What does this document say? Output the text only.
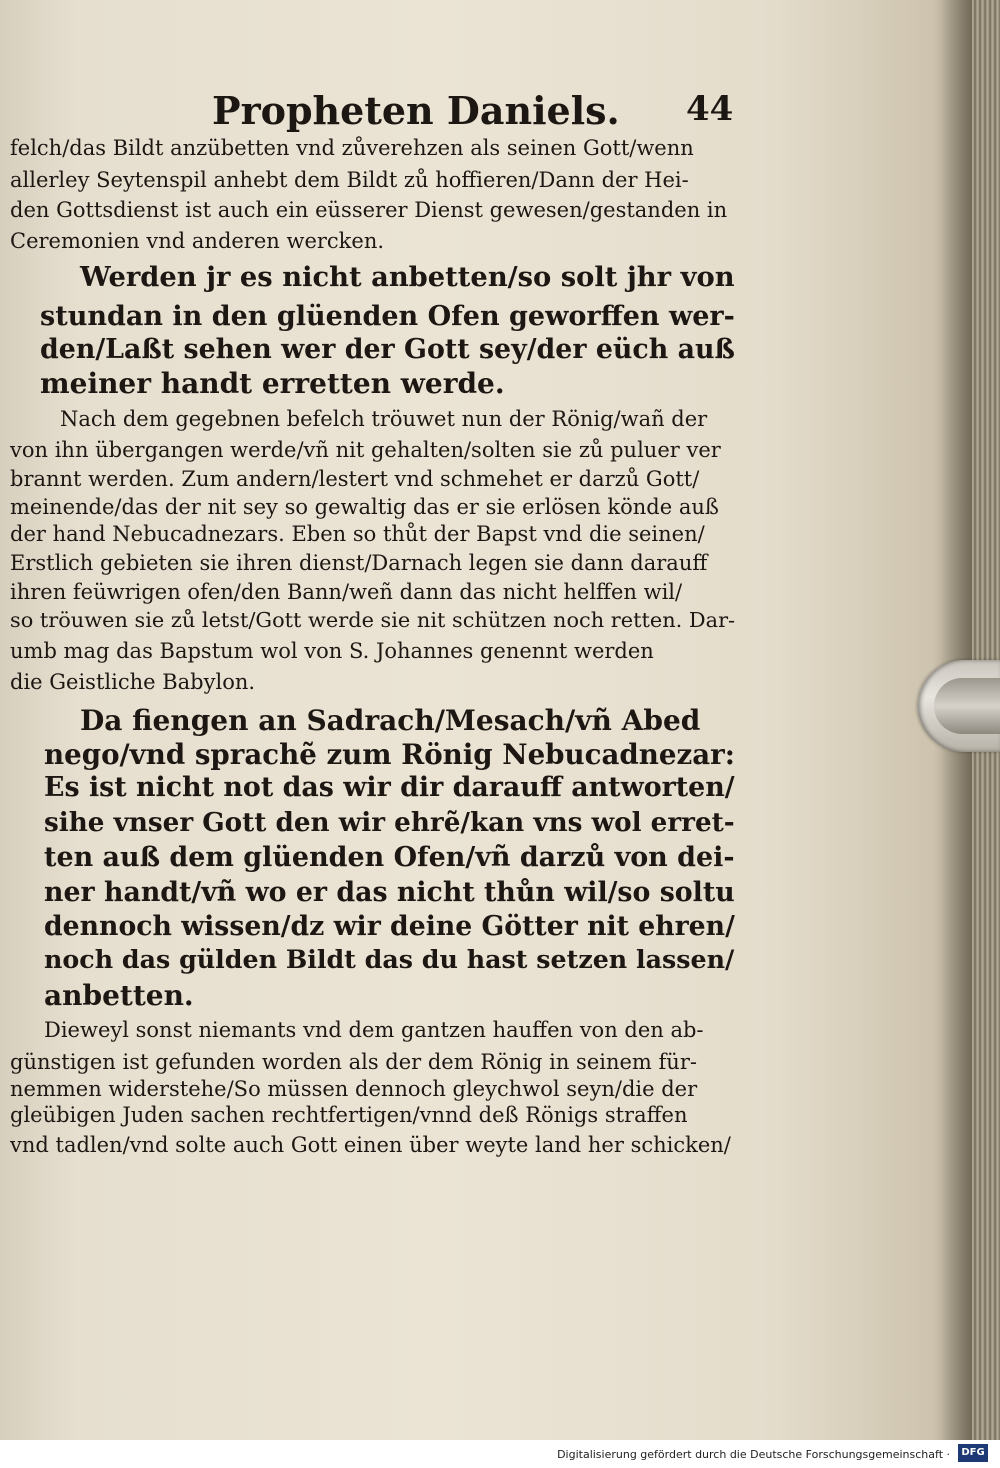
Propheten Daniels. 44
felch/das Bildt anzübetten vnd zůverehzen als seinen Gott/wenn
allerley Seytenspil anhebt dem Bildt zů hoffieren/Dann der Hei-
den Gottsdienst ist auch ein eüsserer Dienst gewesen/gestanden in
Ceremonien vnd anderen wercken.
Werden jr es nicht anbetten/so solt jhr von
stundan in den glüenden Ofen geworffen wer-
den/Laßt sehen wer der Gott sey/der eüch auß
meiner handt erretten werde.
Nach dem gegebnen befelch tröuwet nun der Rönig/wañ der
von ihn übergangen werde/vñ nit gehalten/solten sie zů puluer ver
brannt werden. Zum andern/lestert vnd schmehet er darzů Gott/
meinende/das der nit sey so gewaltig das er sie erlösen könde auß
der hand Nebucadnezars. Eben so thůt der Bapst vnd die seinen/
Erstlich gebieten sie ihren dienst/Darnach legen sie dann darauff
ihren feüwrigen ofen/den Bann/weñ dann das nicht helffen wil/
so tröuwen sie zů letst/Gott werde sie nit schützen noch retten. Dar-
umb mag das Bapstum wol von S. Johannes genennt werden
die Geistliche Babylon.
Da fiengen an Sadrach/Mesach/vñ Abed
nego/vnd sprachẽ zum Rönig Nebucadnezar:
Es ist nicht not das wir dir darauff antworten/
sihe vnser Gott den wir ehrẽ/kan vns wol erret-
ten auß dem glüenden Ofen/vñ darzů von dei-
ner handt/vñ wo er das nicht thůn wil/so soltu
dennoch wissen/dz wir deine Götter nit ehren/
noch das gülden Bildt das du hast setzen lassen/
anbetten.
Dieweyl sonst niemants vnd dem gantzen hauffen von den ab-
günstigen ist gefunden worden als der dem Rönig in seinem für-
nemmen widerstehe/So müssen dennoch gleychwol seyn/die der
gleübigen Juden sachen rechtfertigen/vnnd deß Rönigs straffen
vnd tadlen/vnd solte auch Gott einen über weyte land her schicken/
Digitalisierung gefördert durch die Deutsche Forschungsgemeinschaft ·	DFG
